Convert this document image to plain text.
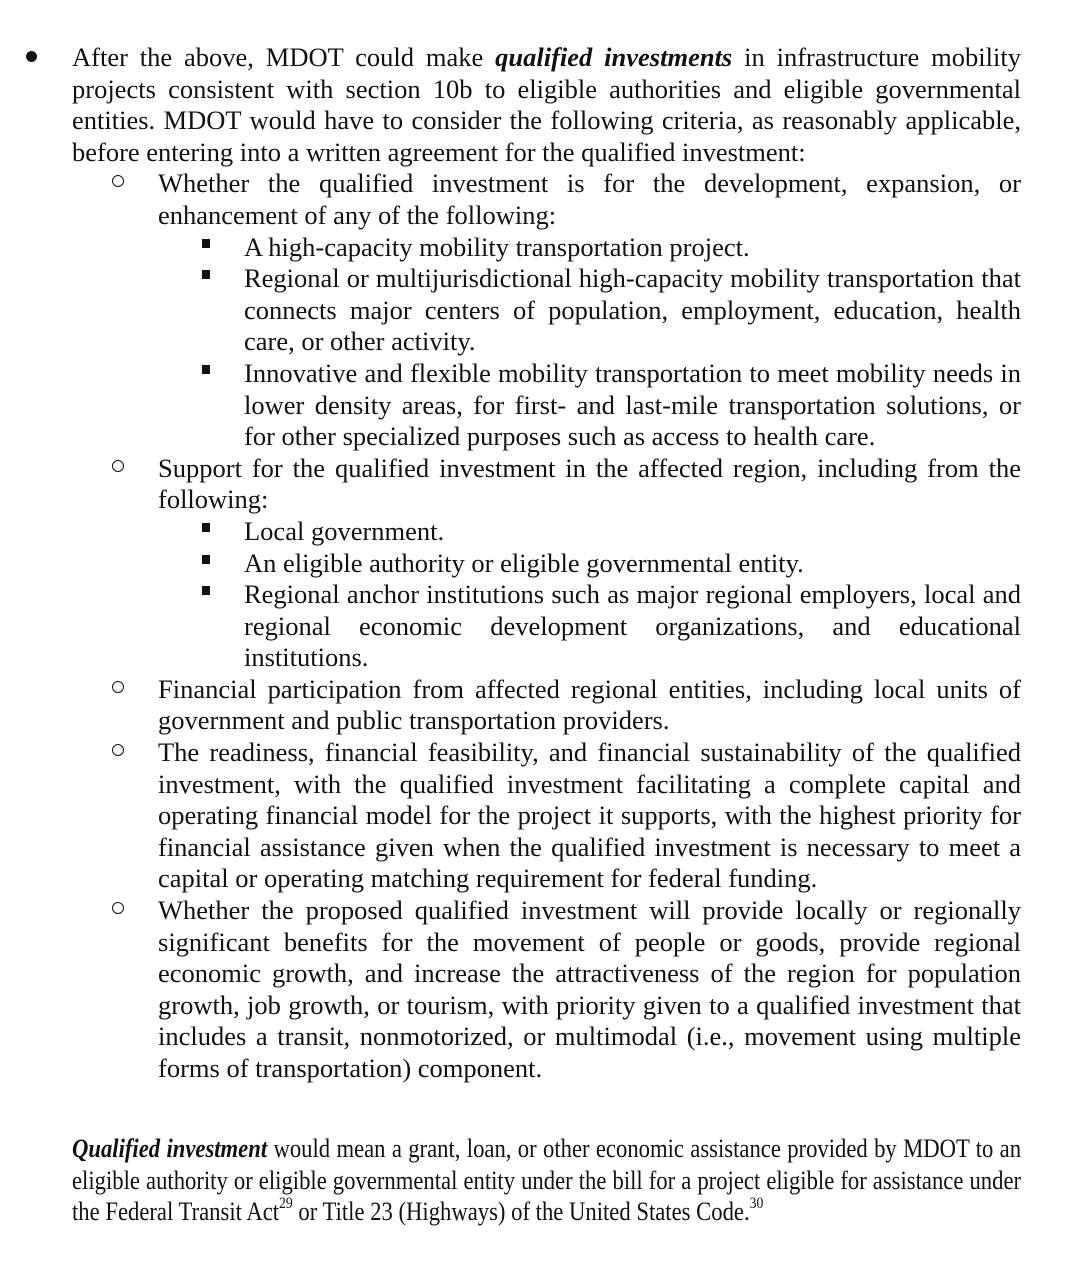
After the above, MDOT could make qualified investments in infrastructure mobility projects consistent with section 10b to eligible authorities and eligible governmental entities. MDOT would have to consider the following criteria, as reasonably applicable, before entering into a written agreement for the qualified investment:
Whether the qualified investment is for the development, expansion, or enhancement of any of the following:
A high-capacity mobility transportation project.
Regional or multijurisdictional high-capacity mobility transportation that connects major centers of population, employment, education, health care, or other activity.
Innovative and flexible mobility transportation to meet mobility needs in lower density areas, for first- and last-mile transportation solutions, or for other specialized purposes such as access to health care.
Support for the qualified investment in the affected region, including from the following:
Local government.
An eligible authority or eligible governmental entity.
Regional anchor institutions such as major regional employers, local and regional economic development organizations, and educational institutions.
Financial participation from affected regional entities, including local units of government and public transportation providers.
The readiness, financial feasibility, and financial sustainability of the qualified investment, with the qualified investment facilitating a complete capital and operating financial model for the project it supports, with the highest priority for financial assistance given when the qualified investment is necessary to meet a capital or operating matching requirement for federal funding.
Whether the proposed qualified investment will provide locally or regionally significant benefits for the movement of people or goods, provide regional economic growth, and increase the attractiveness of the region for population growth, job growth, or tourism, with priority given to a qualified investment that includes a transit, nonmotorized, or multimodal (i.e., movement using multiple forms of transportation) component.
Qualified investment would mean a grant, loan, or other economic assistance provided by MDOT to an eligible authority or eligible governmental entity under the bill for a project eligible for assistance under the Federal Transit Act$^{29}$ or Title 23 (Highways) of the United States Code.$^{30}$
